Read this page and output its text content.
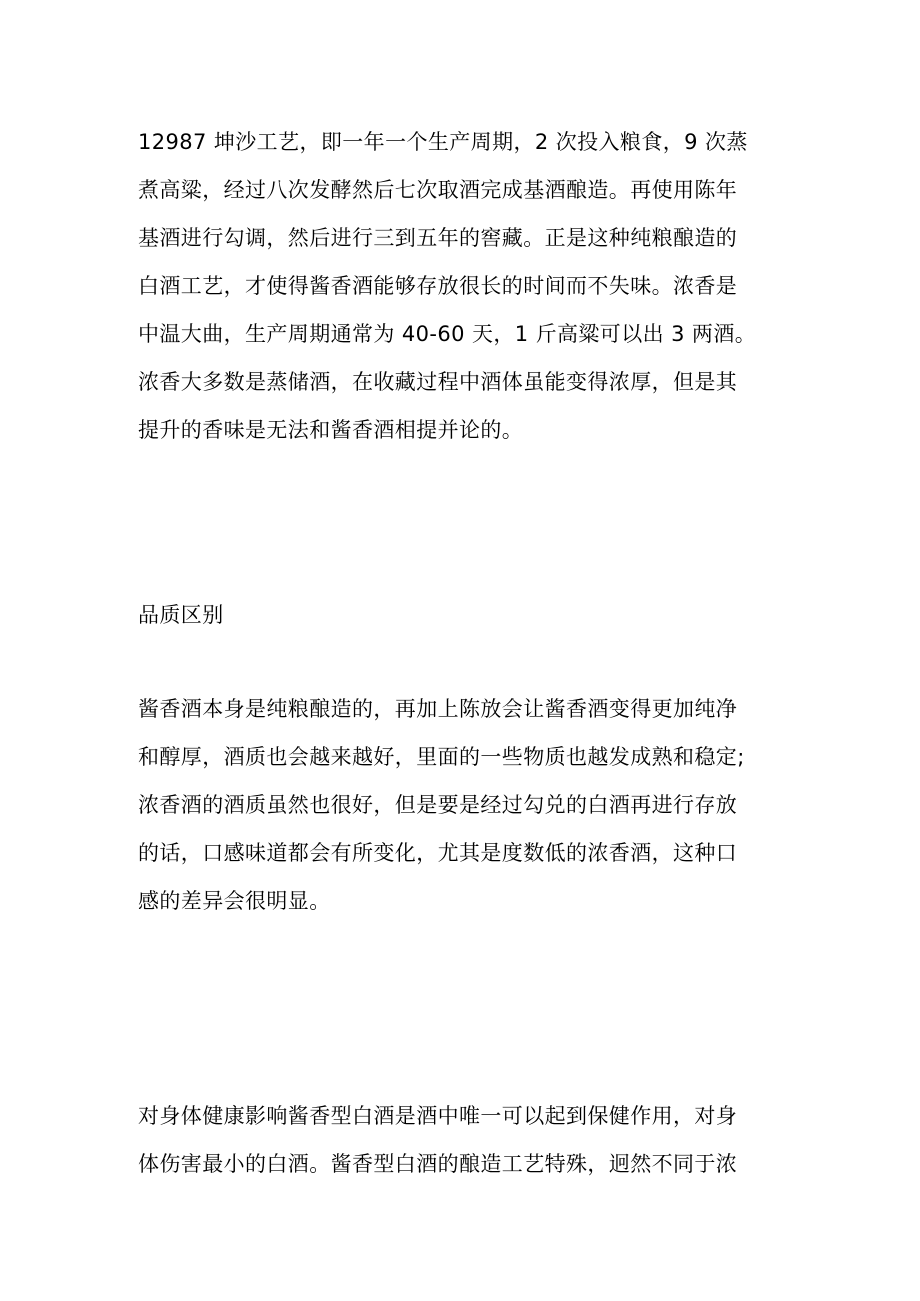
12987 坤沙工艺，即一年一个生产周期，2 次投入粮食，9 次蒸
煮高粱，经过八次发酵然后七次取酒完成基酒酿造。再使用陈年
基酒进行勾调，然后进行三到五年的窖藏。正是这种纯粮酿造的
白酒工艺，才使得酱香酒能够存放很长的时间而不失味。浓香是
中温大曲，生产周期通常为 40-60 天，1 斤高粱可以出 3 两酒。
浓香大多数是蒸储酒，在收藏过程中酒体虽能变得浓厚，但是其
提升的香味是无法和酱香酒相提并论的。
品质区别
酱香酒本身是纯粮酿造的，再加上陈放会让酱香酒变得更加纯净
和醇厚，酒质也会越来越好，里面的一些物质也越发成熟和稳定;
浓香酒的酒质虽然也很好，但是要是经过勾兑的白酒再进行存放
的话，口感味道都会有所变化，尤其是度数低的浓香酒，这种口
感的差异会很明显。
对身体健康影响酱香型白酒是酒中唯一可以起到保健作用，对身
体伤害最小的白酒。酱香型白酒的酿造工艺特殊，迥然不同于浓
